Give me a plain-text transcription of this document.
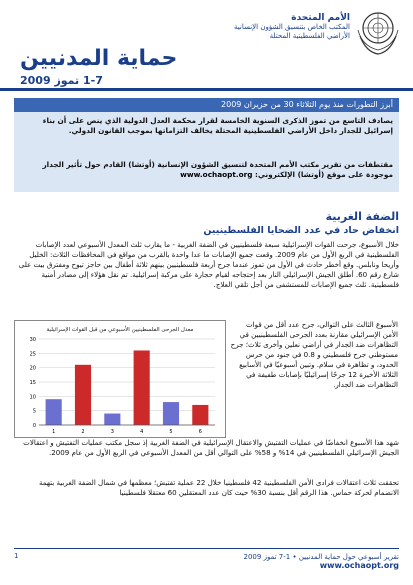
الأمم المتحدة
المكتب الخاص بتنسيق الشؤون الإنسانية
الأراضي الفلسطينية المحتلة
حماية المدنيين
1-7 تموز 2009
أبرز التطورات منذ يوم الثلاثاء 30 من حزيران 2009
يصادف التاسع من تموز الذكرى السنوية الخامسة لقرار محكمة العدل الدولية الذي ينص على أن بناء إسرائيل للجدار داخل الأراضي الفلسطينية المحتلة يخالف التزاماتها بموجب القانون الدولي.
مقتطفات من تقرير مكتب الأمم المتحدة لتنسيق الشؤون الإنسانية (أوتشا) القادم حول تأثير الجدار موجودة على موقع (أوتشا) الإلكتروني: www.ochaopt.org
الضفة الغربية
انخفاض حاد في عدد الضحايا الفلسطينيين
خلال الأسبوع، جرحت القوات الإسرائيلية سبعة فلسطينيين في الضفة الغربية - ما يقارب ثلث المعدل الأسبوعي لعدد الإصابات الفلسطينية في الربع الأول من عام 2009. وقعت جميع الإصابات ما عدا واحدة بالقرب من مواقع في المحافظات الثلاث: الخليل وأريحا ونابلس. وقع أخطر حادث في الأول من تموز عندما جرح أربعة فلسطينيين بينهم ثلاثة أطفال بين حاجز تيوح ومفترق بيت على شارع رقم 60. أطلق الجيش الإسرائيلي النار بعد إحتجاجه لقيام حجارة على مركبة إسرائيلية. تم نقل هؤلاء إلى مصادر أمنية فلسطينية. ثلث جميع الإصابات للمستشفى من أجل تلقي العلاج.
معدل الجرحى الفلسطينيين الأسبوعي من قبل القوات الإسرائيلية
0
5
10
15
20
25
30
1	2	3	4	5	6
الأسبوع الثالث على التوالي، جرح عدد أقل من قوات الأمن الإسرائيلي مقارنة بعدد الجرحى الفلسطينيين في التظاهرات ضد الجدار في أراضي نعلين وأخرى ثلاث؛ جرح مستوطني جرح فلسطيني و 0.8 في جنود من حرس الحدود، و تظاهرة في سلام. وتبين أسبوعيًا في الأسابيع الثلاثة الأخيرة 12 جرحًا إسرائيليًا بإصابات طفيفة في التظاهرات ضد الجدار.
شهد هذا الأسبوع انخفاضًا في عمليات التفتيش والاعتقال الإسرائيلية في الضفة الغربية إذ سجل مكتب عمليات التفتيش و اعتقالات الجيش الإسرائيلي الفلسطينيين في 14% و 58% على التوالي أقل من المعدل الأسبوعي في الربع الأول من عام 2009.
تحققت ثلاث اعتقالات فرادى الأمن الفلسطينية 42 فلسطينيا خلال 22 عملية تفتيش؛ معظمها في شمال الضفة الغربية بتهمة الانضمام لحركة حماس. هذا الرقم أقل بنسبة 30% حيث كان عدد المعتقلين 60 معتقلا فلسطينيا
1	تقرير أسبوعي حول حماية المدنيين • 1-7 تموز 2009
www.ochaopt.org
